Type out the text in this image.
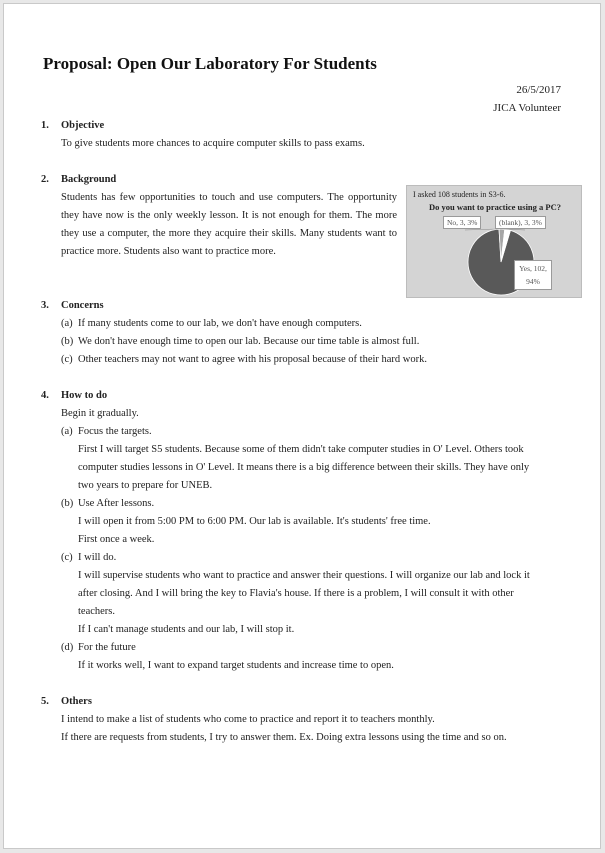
Proposal: Open Our Laboratory For Students
26/5/2017
JICA Volunteer
1. Objective
To give students more chances to acquire computer skills to pass exams.
2. Background
Students has few opportunities to touch and use computers. The opportunity they have now is the only weekly lesson. It is not enough for them. The more they use a computer, the more they acquire their skills. Many students want to practice more. Students also want to practice more.
I asked 108 students in S3-6.
Do you want to practice using a PC?
No, 3, 3%	(blank), 3, 3%
Yes, 102, 94%
3. Concerns
(a) If many students come to our lab, we don't have enough computers.
(b) We don't have enough time to open our lab. Because our time table is almost full.
(c) Other teachers may not want to agree with his proposal because of their hard work.
4. How to do
Begin it gradually.
(a) Focus the targets.
First I will target S5 students. Because some of them didn't take computer studies in O' Level. Others took
computer studies lessons in O' Level. It means there is a big difference between their skills. They have only
two years to prepare for UNEB.
(b) Use After lessons.
I will open it from 5:00 PM to 6:00 PM. Our lab is available. It's students' free time.
First once a week.
(c) I will do.
I will supervise students who want to practice and answer their questions. I will organize our lab and lock it
after closing. And I will bring the key to Flavia's house. If there is a problem, I will consult it with other
teachers.
If I can't manage students and our lab, I will stop it.
(d) For the future
If it works well, I want to expand target students and increase time to open.
5. Others
I intend to make a list of students who come to practice and report it to teachers monthly.
If there are requests from students, I try to answer them. Ex. Doing extra lessons using the time and so on.
